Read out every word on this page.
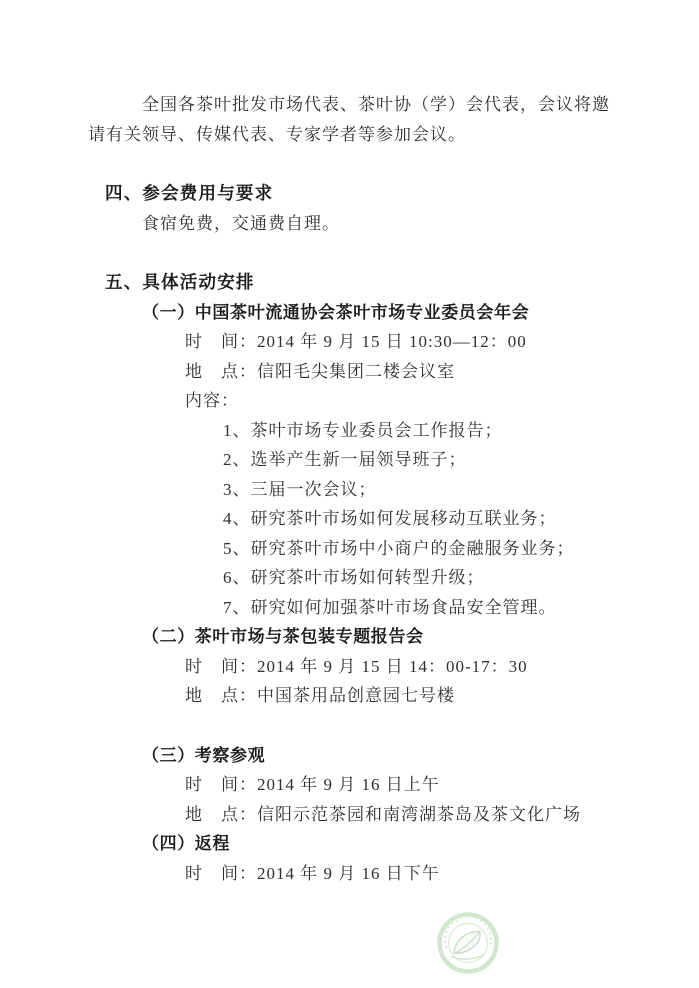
全国各茶叶批发市场代表、茶叶协（学）会代表，会议将邀
请有关领导、传媒代表、专家学者等参加会议。
四、参会费用与要求
食宿免费，交通费自理。
五、具体活动安排
（一）中国茶叶流通协会茶叶市场专业委员会年会
时　间：2014 年 9 月 15 日 10:30—12：00
地　点：信阳毛尖集团二楼会议室
内容：
1、茶叶市场专业委员会工作报告；
2、选举产生新一届领导班子；
3、三届一次会议；
4、研究茶叶市场如何发展移动互联业务；
5、研究茶叶市场中小商户的金融服务业务；
6、研究茶叶市场如何转型升级；
7、研究如何加强茶叶市场食品安全管理。
（二）茶叶市场与茶包装专题报告会
时　间：2014 年 9 月 15 日 14：00-17：30
地　点：中国茶用品创意园七号楼
（三）考察参观
时　间：2014 年 9 月 16 日上午
地　点：信阳示范茶园和南湾湖茶岛及茶文化广场
（四）返程
时　间：2014 年 9 月 16 日下午
